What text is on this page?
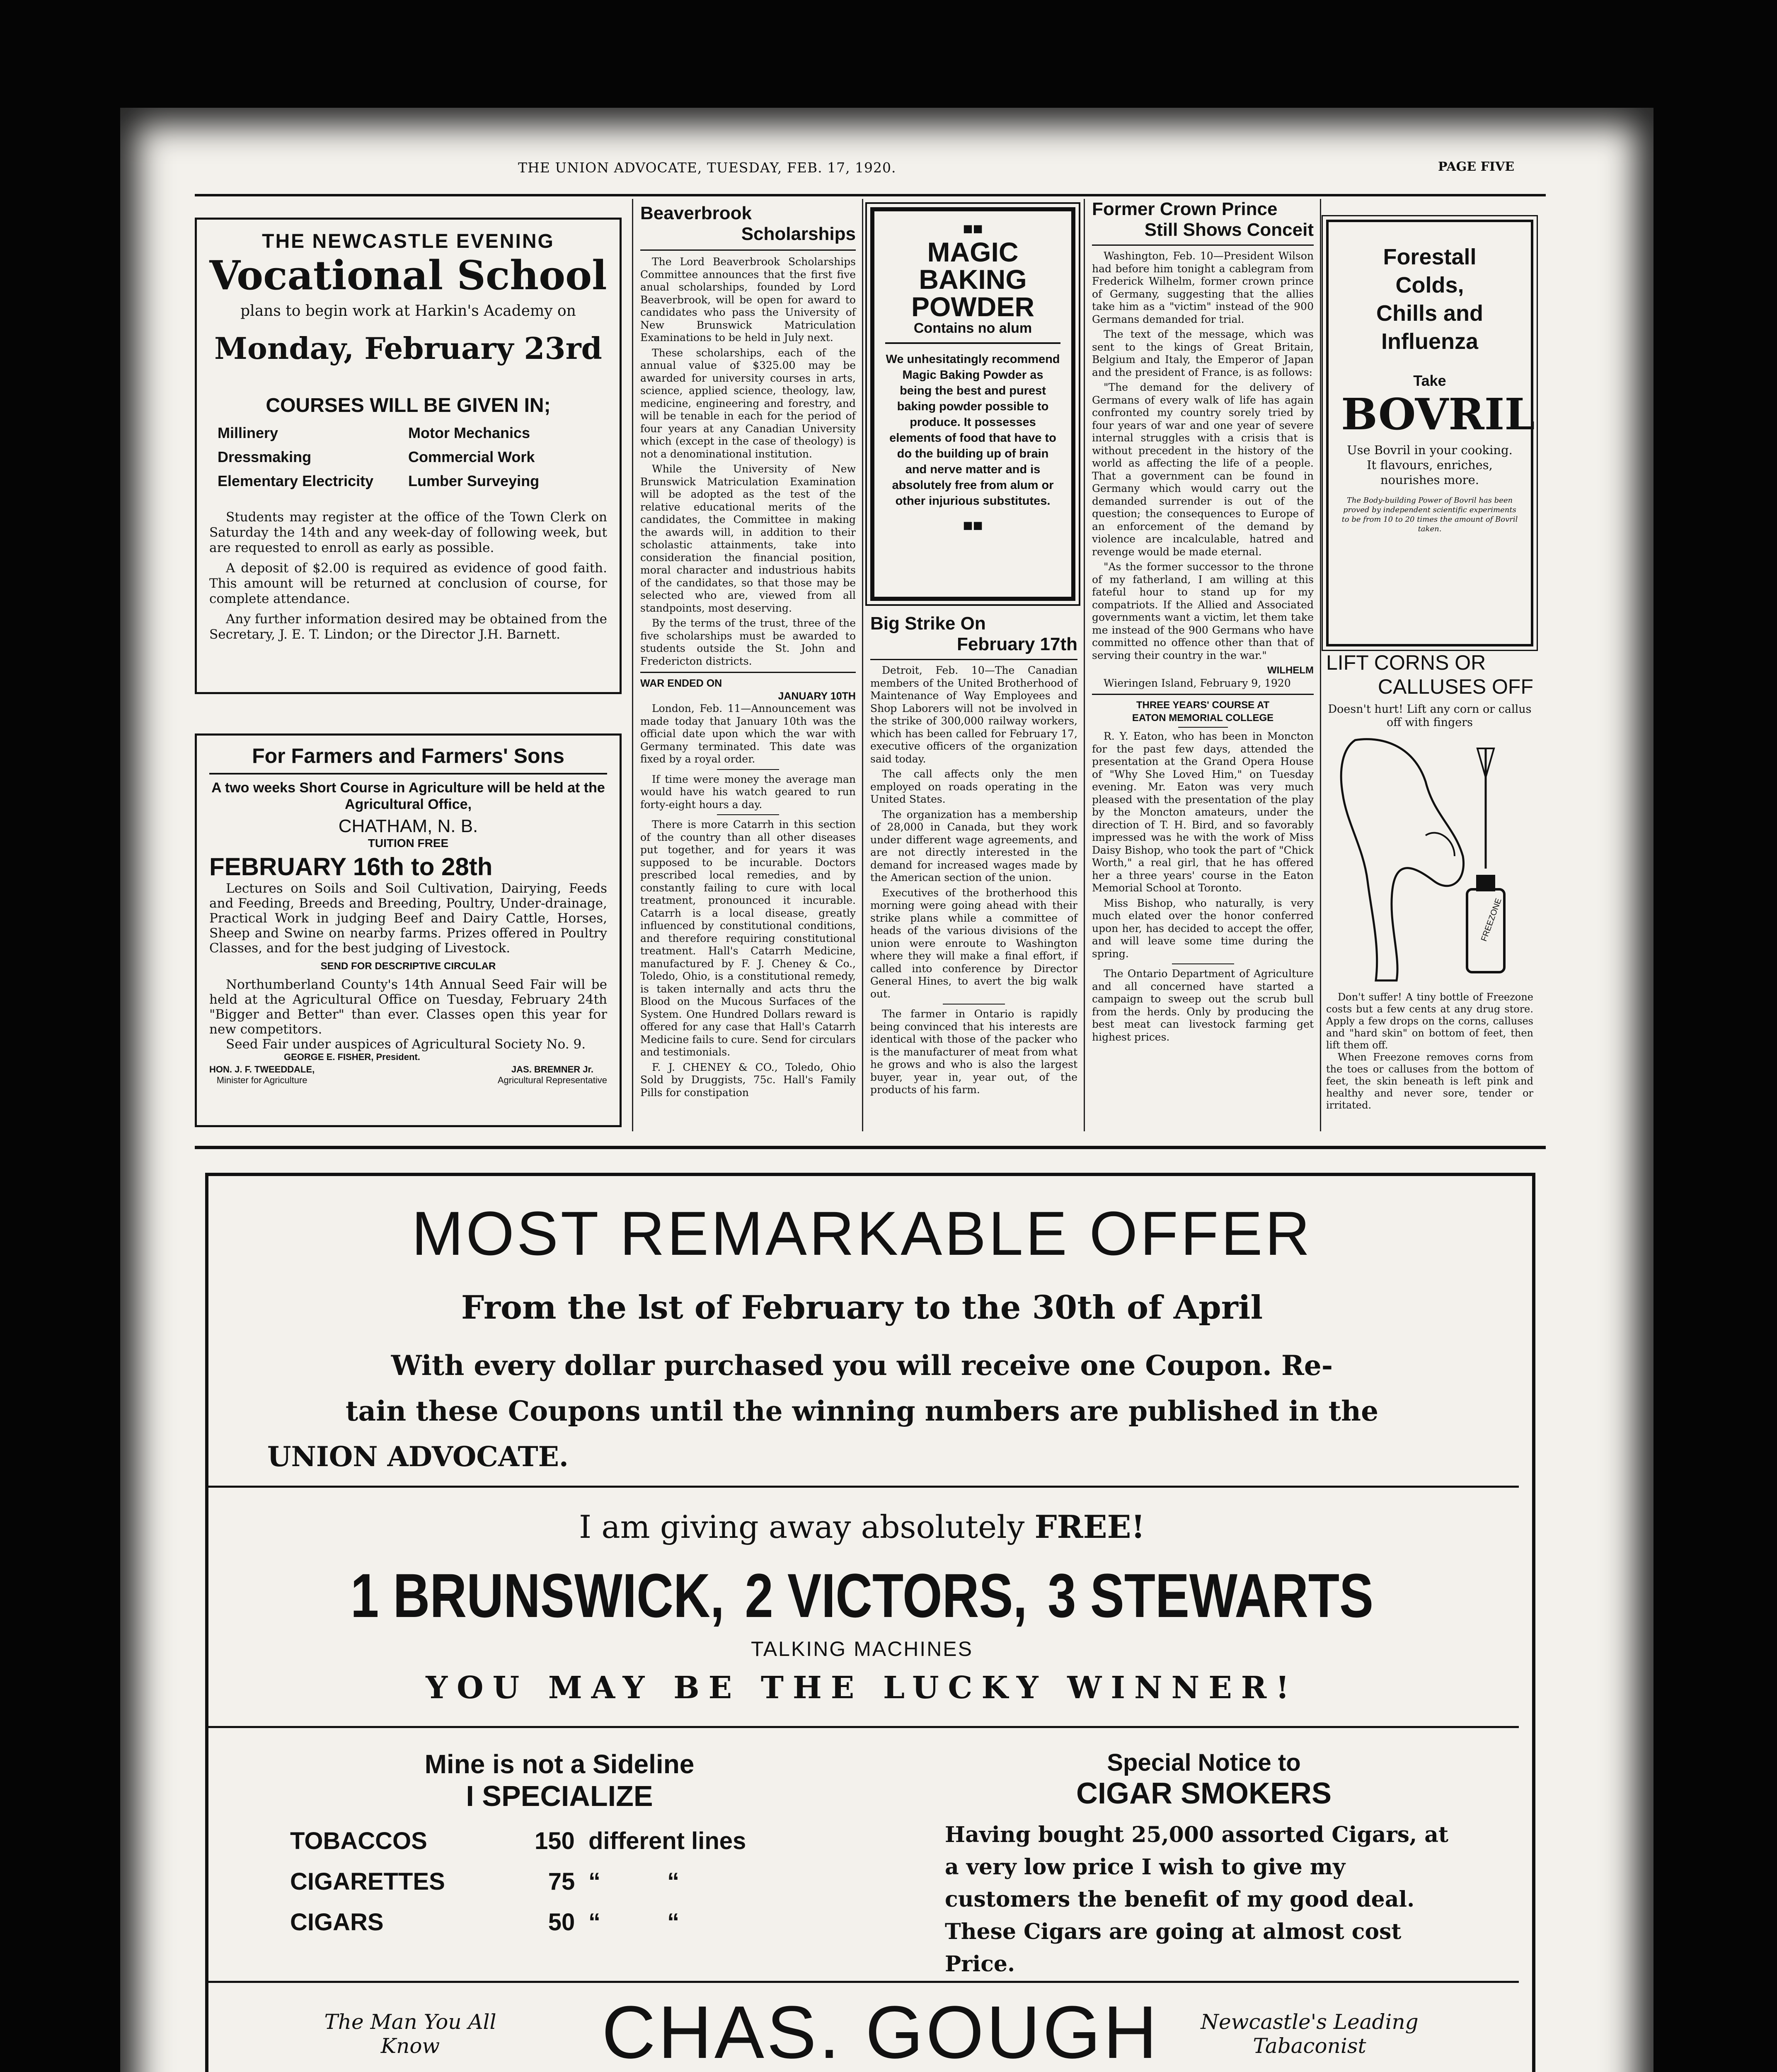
THE UNION ADVOCATE, TUESDAY, FEB. 17, 1920.	PAGE FIVE
THE NEWCASTLE EVENING
Vocational School
plans to begin work at Harkin's Academy on
Monday, February 23rd
COURSES WILL BE GIVEN IN;
Millinery	Motor Mechanics
Dressmaking	Commercial Work
Elementary Electricity	Lumber Surveying
Students may register at the office of the Town Clerk on Saturday the 14th and any week-day of following week, but are requested to enroll as early as possible.
A deposit of $2.00 is required as evidence of good faith. This amount will be returned at conclusion of course, for complete attendance.
Any further information desired may be obtained from the Secretary, J. E. T. Lindon; or the Director J.H. Barnett.
For Farmers and Farmers' Sons
A two weeks Short Course in Agriculture will be held at the Agricultural Office,
CHATHAM, N. B.
TUITION FREE
FEBRUARY 16th to 28th
Lectures on Soils and Soil Cultivation, Dairying, Feeds and Feeding, Breeds and Breeding, Poultry, Under-drainage, Practical Work in judging Beef and Dairy Cattle, Horses, Sheep and Swine on nearby farms. Prizes offered in Poultry Classes, and for the best judging of Livestock.
SEND FOR DESCRIPTIVE CIRCULAR
Northumberland County's 14th Annual Seed Fair will be held at the Agricultural Office on Tuesday, February 24th "Bigger and Better" than ever. Classes open this year for new competitors.
Seed Fair under auspices of Agricultural Society No. 9.
GEORGE E. FISHER, President.
HON. J. F. TWEEDDALE,
Minister for Agriculture
JAS. BREMNER Jr.
Agricultural Representative
Beaverbrook
Scholarships

The Lord Beaverbrook Scholarships Committee announces that the first five anual scholarships, founded by Lord Beaverbrook, will be open for award to candidates who pass the University of New Brunswick Matriculation Examinations to be held in July next.

These scholarships, each of the annual value of $325.00 may be awarded for university courses in arts, science, applied science, theology, law, medicine, engineering and forestry, and will be tenable in each for the period of four years at any Canadian University which (except in the case of theology) is not a denominational institution.

While the University of New Brunswick Matriculation Examination will be adopted as the test of the relative educational merits of the candidates, the Committee in making the awards will, in addition to their scholastic attainments, take into consideration the financial position, moral character and industrious habits of the candidates, so that those may be selected who are, viewed from all standpoints, most deserving.

By the terms of the trust, three of the five scholarships must be awarded to students outside the St. John and Fredericton districts.

WAR ENDED ON
JANUARY 10TH

London, Feb. 11—Announcement was made today that January 10th was the official date upon which the war with Germany terminated. This date was fixed by a royal order.

If time were money the average man would have his watch geared to run forty-eight hours a day.

There is more Catarrh in this section of the country than all other diseases put together, and for years it was supposed to be incurable. Doctors prescribed local remedies, and by constantly failing to cure with local treatment, pronounced it incurable. Catarrh is a local disease, greatly influenced by constitutional conditions, and therefore requiring constitutional treatment. Hall's Catarrh Medicine, manufactured by F. J. Cheney & Co., Toledo, Ohio, is a constitutional remedy, is taken internally and acts thru the Blood on the Mucous Surfaces of the System. One Hundred Dollars reward is offered for any case that Hall's Catarrh Medicine fails to cure. Send for circulars and testimonials.

F. J. CHENEY & CO., Toledo, Ohio Sold by Druggists, 75c. Hall's Family Pills for constipation

■■
MAGIC
BAKING
POWDER
Contains no alum
We unhesitatingly recommend Magic Baking Powder as being the best and purest baking powder possible to produce. It possesses elements of food that have to do the building up of brain and nerve matter and is absolutely free from alum or other injurious substitutes.
■■
Big Strike On
February 17th

Detroit, Feb. 10—The Canadian members of the United Brotherhood of Maintenance of Way Employees and Shop Laborers will not be involved in the strike of 300,000 railway workers, which has been called for February 17, executive officers of the organization said today.

The call affects only the men employed on roads operating in the United States.

The organization has a membership of 28,000 in Canada, but they work under different wage agreements, and are not directly interested in the demand for increased wages made by the American section of the union.

Executives of the brotherhood this morning were going ahead with their strike plans while a committee of heads of the various divisions of the union were enroute to Washington where they will make a final effort, if called into conference by Director General Hines, to avert the big walk out.

The farmer in Ontario is rapidly being convinced that his interests are identical with those of the packer who is the manufacturer of meat from what he grows and who is also the largest buyer, year in, year out, of the products of his farm.

Former Crown Prince
Still Shows Conceit

Washington, Feb. 10—President Wilson had before him tonight a cablegram from Frederick Wilhelm, former crown prince of Germany, suggesting that the allies take him as a "victim" instead of the 900 Germans demanded for trial.

The text of the message, which was sent to the kings of Great Britain, Belgium and Italy, the Emperor of Japan and the president of France, is as follows:

"The demand for the delivery of Germans of every walk of life has again confronted my country sorely tried by four years of war and one year of severe internal struggles with a crisis that is without precedent in the history of the world as affecting the life of a people. That a government can be found in Germany which would carry out the demanded surrender is out of the question; the consequences to Europe of an enforcement of the demand by violence are incalculable, hatred and revenge would be made eternal.

"As the former successor to the throne of my fatherland, I am willing at this fateful hour to stand up for my compatriots. If the Allied and Associated governments want a victim, let them take me instead of the 900 Germans who have committed no offence other than that of serving their country in the war."

WILHELM
Wieringen Island, February 9, 1920
THREE YEARS' COURSE AT
EATON MEMORIAL COLLEGE

R. Y. Eaton, who has been in Moncton for the past few days, attended the presentation at the Grand Opera House of "Why She Loved Him," on Tuesday evening. Mr. Eaton was very much pleased with the presentation of the play by the Moncton amateurs, under the direction of T. H. Bird, and so favorably impressed was he with the work of Miss Daisy Bishop, who took the part of "Chick Worth," a real girl, that he has offered her a three years' course in the Eaton Memorial School at Toronto.

Miss Bishop, who naturally, is very much elated over the honor conferred upon her, has decided to accept the offer, and will leave some time during the spring.

The Ontario Department of Agriculture and all concerned have started a campaign to sweep out the scrub bull from the herds. Only by producing the best meat can livestock farming get highest prices.

Forestall
Colds,
Chills and
Influenza
Take
BOVRIL
Use Bovril in your cooking. It flavours, enriches, nourishes more.
The Body-building Power of Bovril has been proved by independent scientific experiments to be from 10 to 20 times the amount of Bovril taken.
LIFT CORNS OR
CALLUSES OFF
Doesn't hurt! Lift any corn or callus off with fingers
FREEZONE
Don't suffer! A tiny bottle of Freezone costs but a few cents at any drug store. Apply a few drops on the corns, calluses and "hard skin" on bottom of feet, then lift them off.
When Freezone removes corns from the toes or calluses from the bottom of feet, the skin beneath is left pink and healthy and never sore, tender or irritated.
MOST REMARKABLE OFFER
From the lst of February to the 30th of April
With every dollar purchased you will receive one Coupon. Re-
tain these Coupons until the winning numbers are published in the
UNION ADVOCATE.
I am giving away absolutely FREE!
1 BRUNSWICK, 2 VICTORS, 3 STEWARTS
TALKING MACHINES
YOU MAY BE THE LUCKY WINNER!
Mine is not a Sideline
I SPECIALIZE
TOBACCOS	150 different lines
CIGARETTES	75 “          “
CIGARS	50 “          “
Special Notice to
CIGAR SMOKERS
Having bought 25,000 assorted Cigars, at a very low price I wish to give my customers the benefit of my good deal. These Cigars are going at almost cost Price.
The Man You All Know	CHAS. GOUGH	Newcastle's Leading Tabaconist
